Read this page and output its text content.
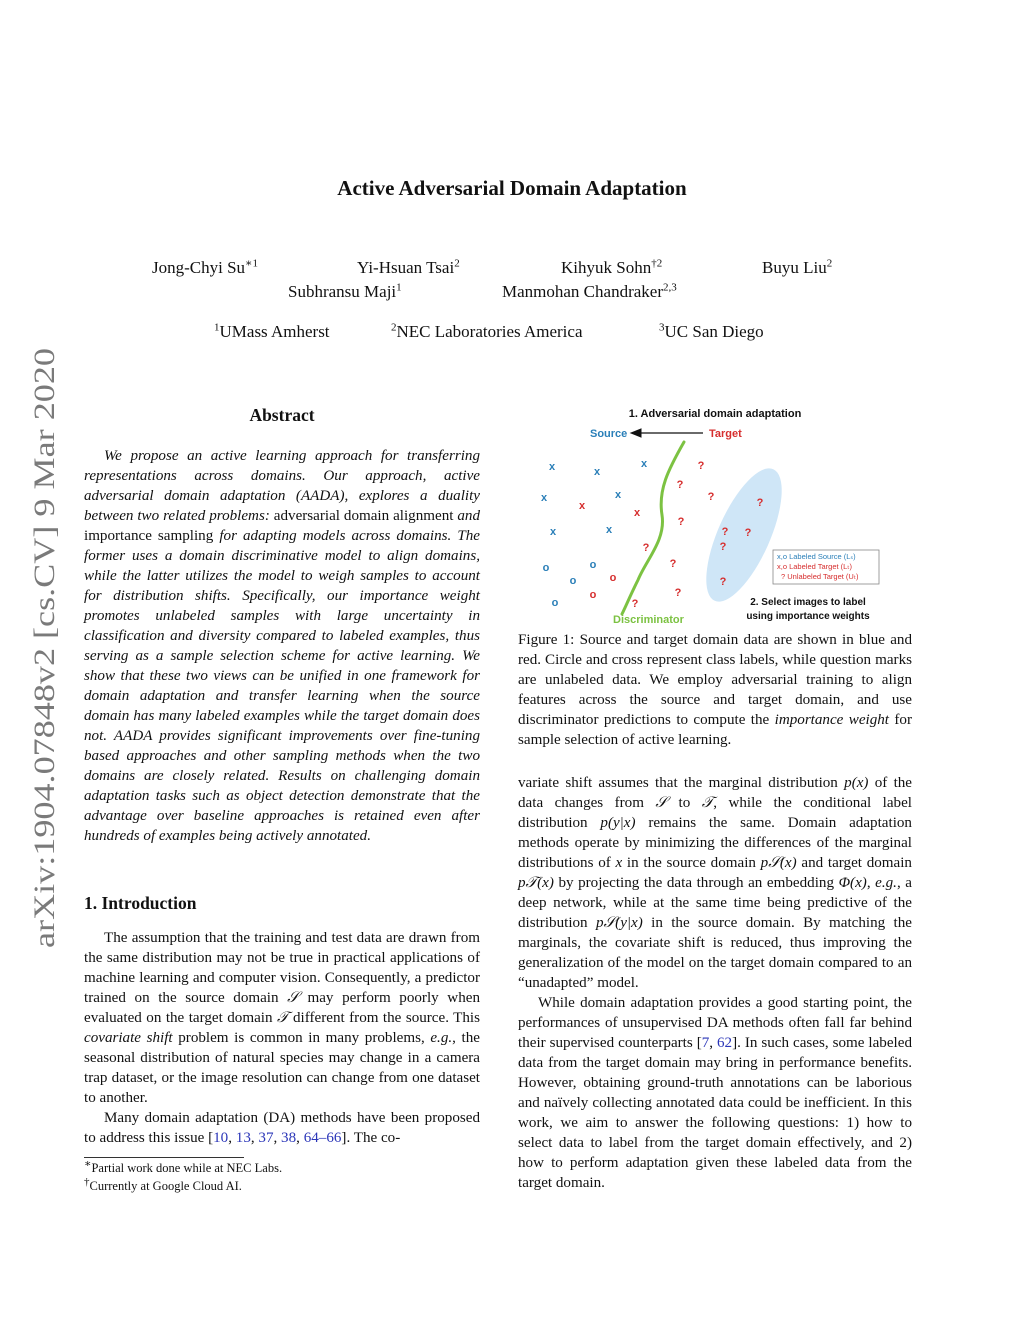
arXiv:1904.07848v2 [cs.CV] 9 Mar 2020
Active Adversarial Domain Adaptation
Jong-Chyi $Su^{∗1}$	Yi-Hsuan Tsai$^2$	Kihyuk Sohn$^{\dagger 2}$	Buyu Liu$^2$
Subhransu Maji$^1$	Manmohan Chandraker$^{2,3}$
$^1$UMass Amherst	$^2$NEC Laboratories America	$^3$UC San Diego
Abstract

We propose an active learning approach for transferring representations across domains. Our approach, active adversarial domain adaptation (AADA), explores a duality between two related problems: adversarial domain alignment and importance sampling for adapting models across domains. The former uses a domain discriminative model to align domains, while the latter utilizes the model to weigh samples to account for distribution shifts. Specifically, our importance weight promotes unlabeled samples with large uncertainty in classification and diversity compared to labeled examples, thus serving as a sample selection scheme for active learning. We show that these two views can be unified in one framework for domain adaptation and transfer learning when the source domain has many labeled examples while the target domain does not. AADA provides significant improvements over fine-tuning based approaches and other sampling methods when the two domains are closely related. Results on challenging domain adaptation tasks such as object detection demonstrate that the advantage over baseline approaches is retained even after hundreds of examples being actively annotated.

1. Introduction

The assumption that the training and test data are drawn from the same distribution may not be true in practical applications of machine learning and computer vision. Consequently, a predictor trained on the source domain 𝒮 may perform poorly when evaluated on the target domain 𝒯 different from the source. This covariate shift problem is common in many problems, e.g., the seasonal distribution of natural species may change in a camera trap dataset, or the image resolution can change from one dataset to another.

Many domain adaptation (DA) methods have been proposed to address this issue [10, 13, 37, 38, 64–66]. The co-

∗Partial work done while at NEC Labs.
†Currently at Google Cloud AI.
1. Adversarial domain adaptation
Source	Target
x	x
x
x	x
x	x
o	o
o
o
x
x
o
o
?
?
?	?
?
? ?
?	?
?
?
?
?
Discriminator
x,o Labeled Source (Lₛ)
x,o Labeled Target (Lₜ)
? Unlabeled Target (Uₜ)
2. Select images to label
using importance weights

Figure 1: Source and target domain data are shown in blue and red. Circle and cross represent class labels, while question marks are unlabeled data. We employ adversarial training to align features across the source and target domain, and use discriminator predictions to compute the importance weight for sample selection of active learning.

variate shift assumes that the marginal distribution p(x) of the data changes from 𝒮 to 𝒯, while the conditional label distribution p(y|x) remains the same. Domain adaptation methods operate by minimizing the differences of the marginal distributions of x in the source domain p𝒮(x) and target domain p𝒯(x) by projecting the data through an embedding Φ(x), e.g., a deep network, while at the same time being predictive of the distribution p𝒮(y|x) in the source domain. By matching the marginals, the covariate shift is reduced, thus improving the generalization of the model on the target domain compared to an “unadapted” model.

While domain adaptation provides a good starting point, the performances of unsupervised DA methods often fall far behind their supervised counterparts [7, 62]. In such cases, some labeled data from the target domain may bring in performance benefits. However, obtaining ground-truth annotations can be laborious and naïvely collecting annotated data could be inefficient. In this work, we aim to answer the following questions: 1) how to select data to label from the target domain effectively, and 2) how to perform adaptation given these labeled data from the target domain.
